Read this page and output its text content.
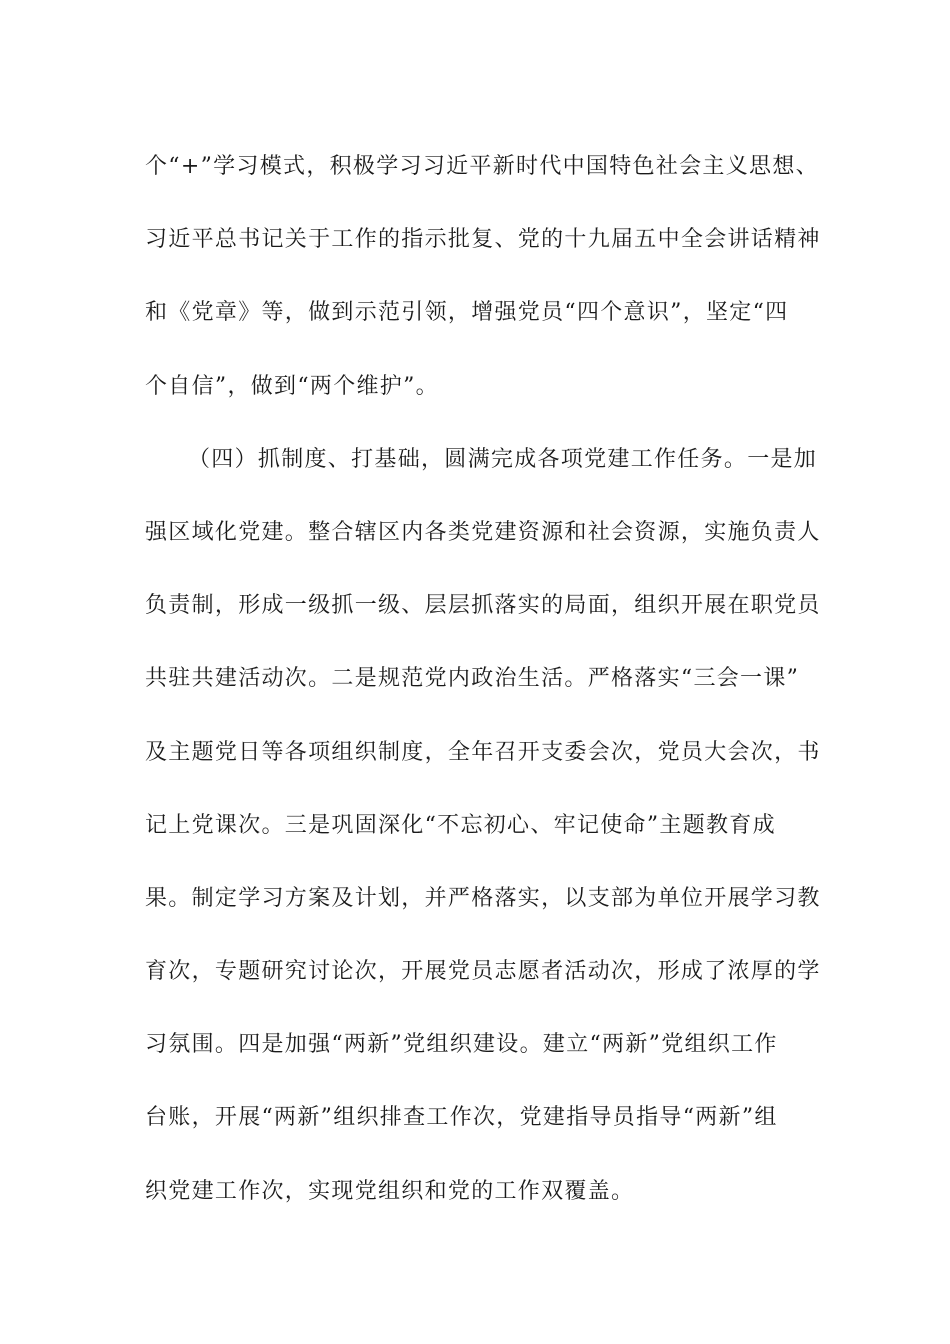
个“+”学习模式，积极学习习近平新时代中国特色社会主义思想、
习近平总书记关于工作的指示批复、党的十九届五中全会讲话精神
和《党章》等，做到示范引领，增强党员“四个意识”，坚定“四
个自信”，做到“两个维护”。
（四）抓制度、打基础，圆满完成各项党建工作任务。一是加
强区域化党建。整合辖区内各类党建资源和社会资源，实施负责人
负责制，形成一级抓一级、层层抓落实的局面，组织开展在职党员
共驻共建活动次。二是规范党内政治生活。严格落实“三会一课”
及主题党日等各项组织制度，全年召开支委会次，党员大会次，书
记上党课次。三是巩固深化“不忘初心、牢记使命”主题教育成
果。制定学习方案及计划，并严格落实，以支部为单位开展学习教
育次，专题研究讨论次，开展党员志愿者活动次，形成了浓厚的学
习氛围。四是加强“两新”党组织建设。建立“两新”党组织工作
台账，开展“两新”组织排查工作次，党建指导员指导“两新”组
织党建工作次，实现党组织和党的工作双覆盖。
